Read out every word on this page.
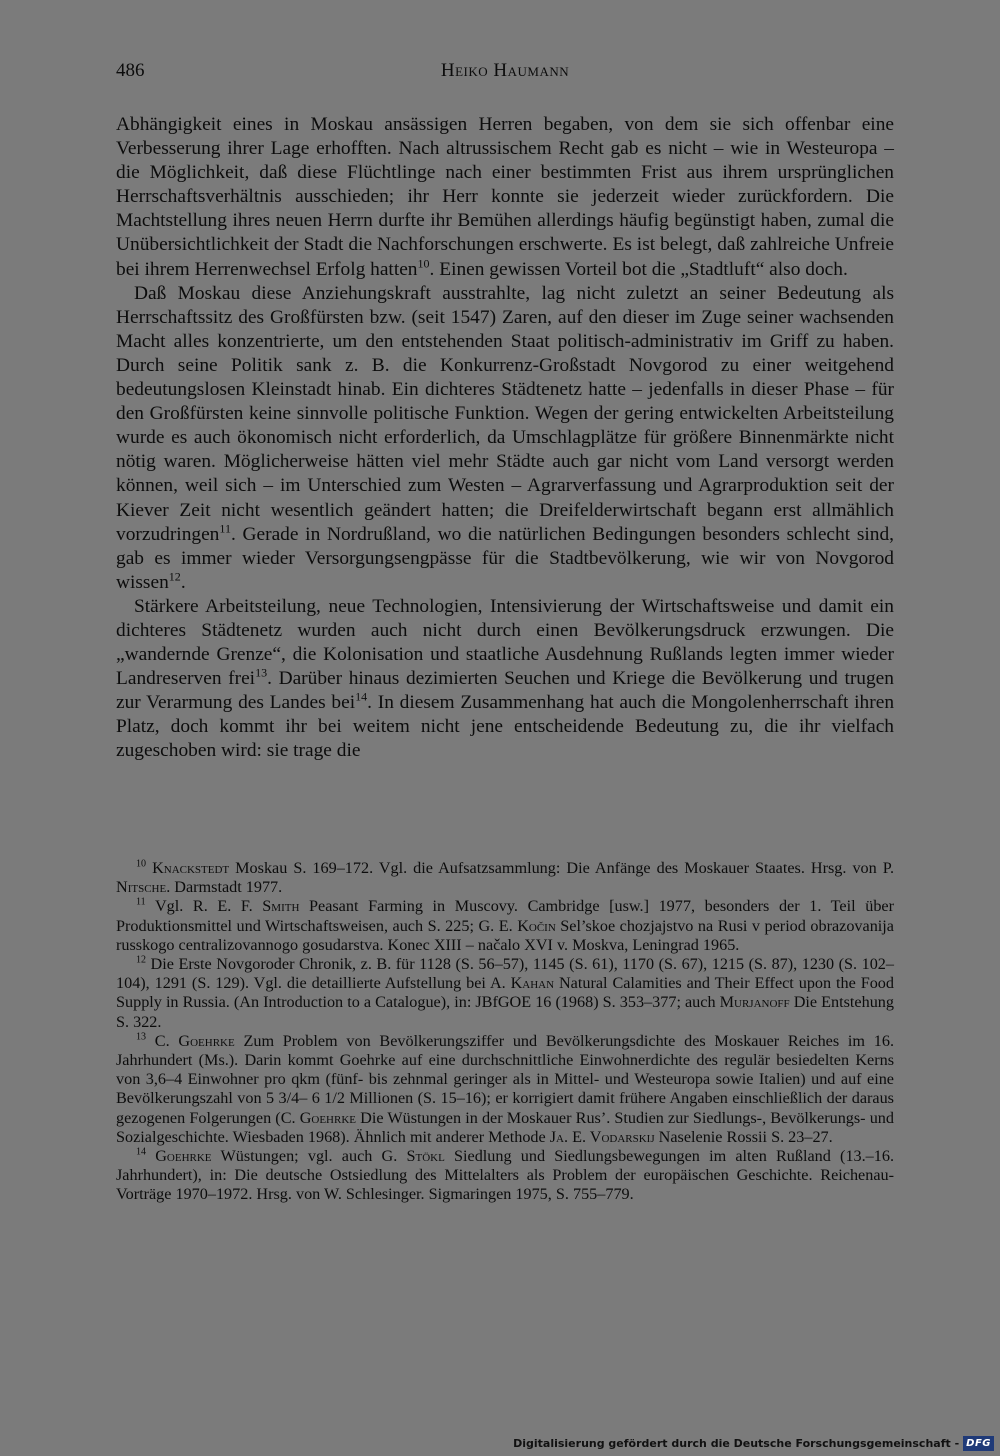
486	Heiko Haumann

Abhängigkeit eines in Moskau ansässigen Herren begaben, von dem sie sich offenbar eine Verbesserung ihrer Lage erhofften. Nach altrussischem Recht gab es nicht – wie in Westeuropa – die Möglichkeit, daß diese Flüchtlinge nach einer bestimmten Frist aus ihrem ursprünglichen Herrschaftsverhältnis ausschieden; ihr Herr konnte sie jederzeit wieder zurückfordern. Die Machtstellung ihres neuen Herrn durfte ihr Bemühen allerdings häufig begünstigt haben, zumal die Unübersichtlichkeit der Stadt die Nachforschungen erschwerte. Es ist belegt, daß zahlreiche Unfreie bei ihrem Herrenwechsel Erfolg hatten$^{10}$. Einen gewissen Vorteil bot die „Stadtluft“ also doch.

Daß Moskau diese Anziehungskraft ausstrahlte, lag nicht zuletzt an seiner Bedeutung als Herrschaftssitz des Großfürsten bzw. (seit 1547) Zaren, auf den dieser im Zuge seiner wachsenden Macht alles konzentrierte, um den entstehenden Staat politisch-administrativ im Griff zu haben. Durch seine Politik sank z. B. die Konkurrenz-Großstadt Novgorod zu einer weitgehend bedeutungslosen Kleinstadt hinab. Ein dichteres Städtenetz hatte – jedenfalls in dieser Phase – für den Großfürsten keine sinnvolle politische Funktion. Wegen der gering entwickelten Arbeitsteilung wurde es auch ökonomisch nicht erforderlich, da Umschlagplätze für größere Binnenmärkte nicht nötig waren. Möglicherweise hätten viel mehr Städte auch gar nicht vom Land versorgt werden können, weil sich – im Unterschied zum Westen – Agrarverfassung und Agrarproduktion seit der Kiever Zeit nicht wesentlich geändert hatten; die Dreifelderwirtschaft begann erst allmählich vorzudringen$^{11}$. Gerade in Nordrußland, wo die natürlichen Bedingungen besonders schlecht sind, gab es immer wieder Versorgungsengpässe für die Stadtbevölkerung, wie wir von Novgorod wissen$^{12}$.

Stärkere Arbeitsteilung, neue Technologien, Intensivierung der Wirtschaftsweise und damit ein dichteres Städtenetz wurden auch nicht durch einen Bevölkerungsdruck erzwungen. Die „wandernde Grenze“, die Kolonisation und staatliche Ausdehnung Rußlands legten immer wieder Landreserven frei$^{13}$. Darüber hinaus dezimierten Seuchen und Kriege die Bevölkerung und trugen zur Verarmung des Landes bei$^{14}$. In diesem Zusammenhang hat auch die Mongolenherrschaft ihren Platz, doch kommt ihr bei weitem nicht jene entscheidende Bedeutung zu, die ihr vielfach zugeschoben wird: sie trage die

$^{10}$ Knackstedt Moskau S. 169–172. Vgl. die Aufsatzsammlung: Die Anfänge des Moskauer Staates. Hrsg. von P. Nitsche. Darmstadt 1977.

$^{11}$ Vgl. R. E. F. Smith Peasant Farming in Muscovy. Cambridge [usw.] 1977, besonders der 1. Teil über Produktionsmittel und Wirtschaftsweisen, auch S. 225; G. E. Kočin Sel’skoe chozjajstvo na Rusi v period obrazovanija russkogo centralizovannogo gosudarstva. Konec XIII – načalo XVI v. Moskva, Leningrad 1965.

$^{12}$ Die Erste Novgoroder Chronik, z. B. für 1128 (S. 56–57), 1145 (S. 61), 1170 (S. 67), 1215 (S. 87), 1230 (S. 102–104), 1291 (S. 129). Vgl. die detaillierte Aufstellung bei A. Kahan Natural Calamities and Their Effect upon the Food Supply in Russia. (An Introduction to a Catalogue), in: JBfGOE 16 (1968) S. 353–377; auch Murjanoff Die Entstehung S. 322.

$^{13}$ C. Goehrke Zum Problem von Bevölkerungsziffer und Bevölkerungsdichte des Moskauer Reiches im 16. Jahrhundert (Ms.). Darin kommt Goehrke auf eine durchschnittliche Einwohnerdichte des regulär besiedelten Kerns von 3,6–4 Einwohner pro qkm (fünf- bis zehnmal geringer als in Mittel- und Westeuropa sowie Italien) und auf eine Bevölkerungszahl von 5 3/4– 6 1/2 Millionen (S. 15–16); er korrigiert damit frühere Angaben einschließlich der daraus gezogenen Folgerungen (C. Goehrke Die Wüstungen in der Moskauer Rus’. Studien zur Siedlungs-, Bevölkerungs- und Sozialgeschichte. Wiesbaden 1968). Ähnlich mit anderer Methode Ja. E. Vodarskij Naselenie Rossii S. 23–27.

$^{14}$ Goehrke Wüstungen; vgl. auch G. Stökl Siedlung und Siedlungsbewegungen im alten Rußland (13.–16. Jahrhundert), in: Die deutsche Ostsiedlung des Mittelalters als Problem der europäischen Geschichte. Reichenau-Vorträge 1970–1972. Hrsg. von W. Schlesinger. Sigmaringen 1975, S. 755–779.

Digitalisierung gefördert durch die Deutsche Forschungsgemeinschaft - DFG
